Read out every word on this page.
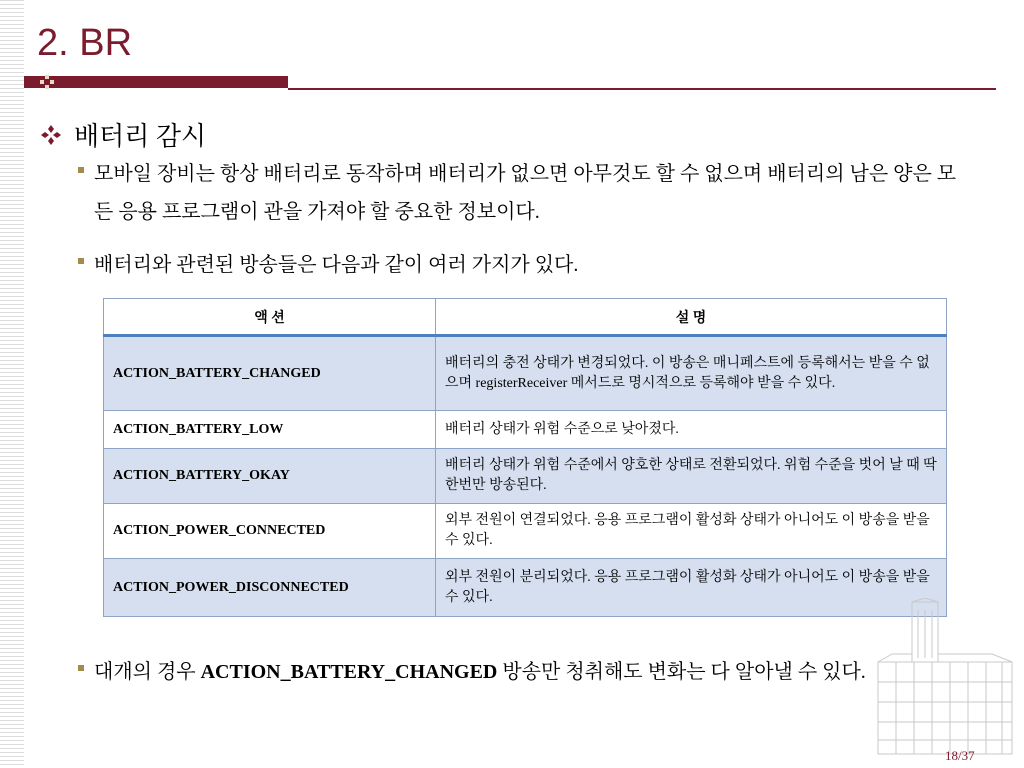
2. BR
배터리 감시
모바일 장비는 항상 배터리로 동작하며 배터리가 없으면 아무것도 할 수 없으며 배터리의 남은 양은 모든 응용 프로그램이 관을 가져야 할 중요한 정보이다.
배터리와 관련된 방송들은 다음과 같이 여러 가지가 있다.
액 션	설 명
ACTION_BATTERY_CHANGED	배터리의 충전 상태가 변경되었다. 이 방송은 매니페스트에 등록해서는 받을 수 없으며 registerReceiver 메서드로 명시적으로 등록해야 받을 수 있다.
ACTION_BATTERY_LOW	배터리 상태가 위험 수준으로 낮아졌다.
ACTION_BATTERY_OKAY	배터리 상태가 위험 수준에서 양호한 상태로 전환되었다. 위험 수준을 벗어 날 때 딱 한번만 방송된다.
ACTION_POWER_CONNECTED	외부 전원이 연결되었다. 응용 프로그램이 활성화 상태가 아니어도 이 방송을 받을 수 있다.
ACTION_POWER_DISCONNECTED	외부 전원이 분리되었다. 응용 프로그램이 활성화 상태가 아니어도 이 방송을 받을 수 있다.
대개의 경우 ACTION_BATTERY_CHANGED 방송만 청취해도 변화는 다 알아낼 수 있다.
18/37
